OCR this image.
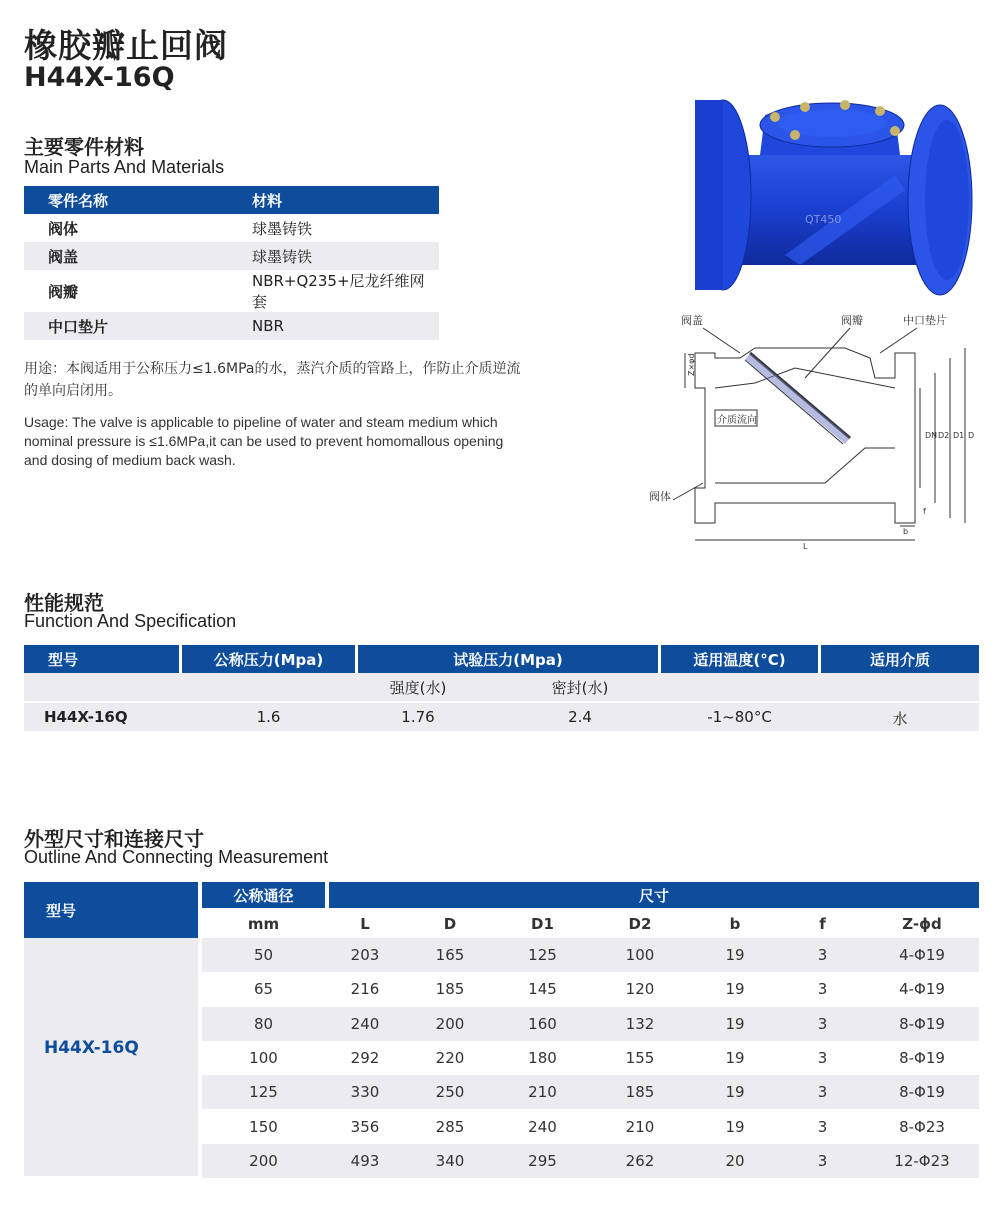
橡胶瓣止回阀
H44X-16Q
主要零件材料
Main Parts And Materials
零件名称	材料
阀体	球墨铸铁
阀盖	球墨铸铁
阀瓣	NBR+Q235+尼龙纤维网套
中口垫片	NBR
用途：本阀适用于公称压力≤1.6MPa的水，蒸汽介质的管路上，作防止介质逆流的单向启闭用。
Usage: The valve is applicable to pipeline of water and steam medium which nominal pressure is ≤1.6MPa,it can be used to prevent homomallous opening and dosing of medium back wash.
QT450
阀盖	阀瓣	中口垫片
阀体
介质流向
Z×φd
DN D2 D1 D
f
b
L
性能规范
Function And Specification
型号	公称压力(Mpa)	试验压力(Mpa)	适用温度(°C)	适用介质
强度(水)	密封(水)
H44X-16Q	1.6	1.76	2.4	-1~80°C	水
外型尺寸和连接尺寸
Outline And Connecting Measurement
型号
公称通径	尺寸
mm	L	D	D1	D2	b	f	Z-ϕd
H44X-16Q
50	203	165	125	100	19	3	4-Φ19
65	216	185	145	120	19	3	4-Φ19
80	240	200	160	132	19	3	8-Φ19
100	292	220	180	155	19	3	8-Φ19
125	330	250	210	185	19	3	8-Φ19
150	356	285	240	210	19	3	8-Φ23
200	493	340	295	262	20	3	12-Φ23
